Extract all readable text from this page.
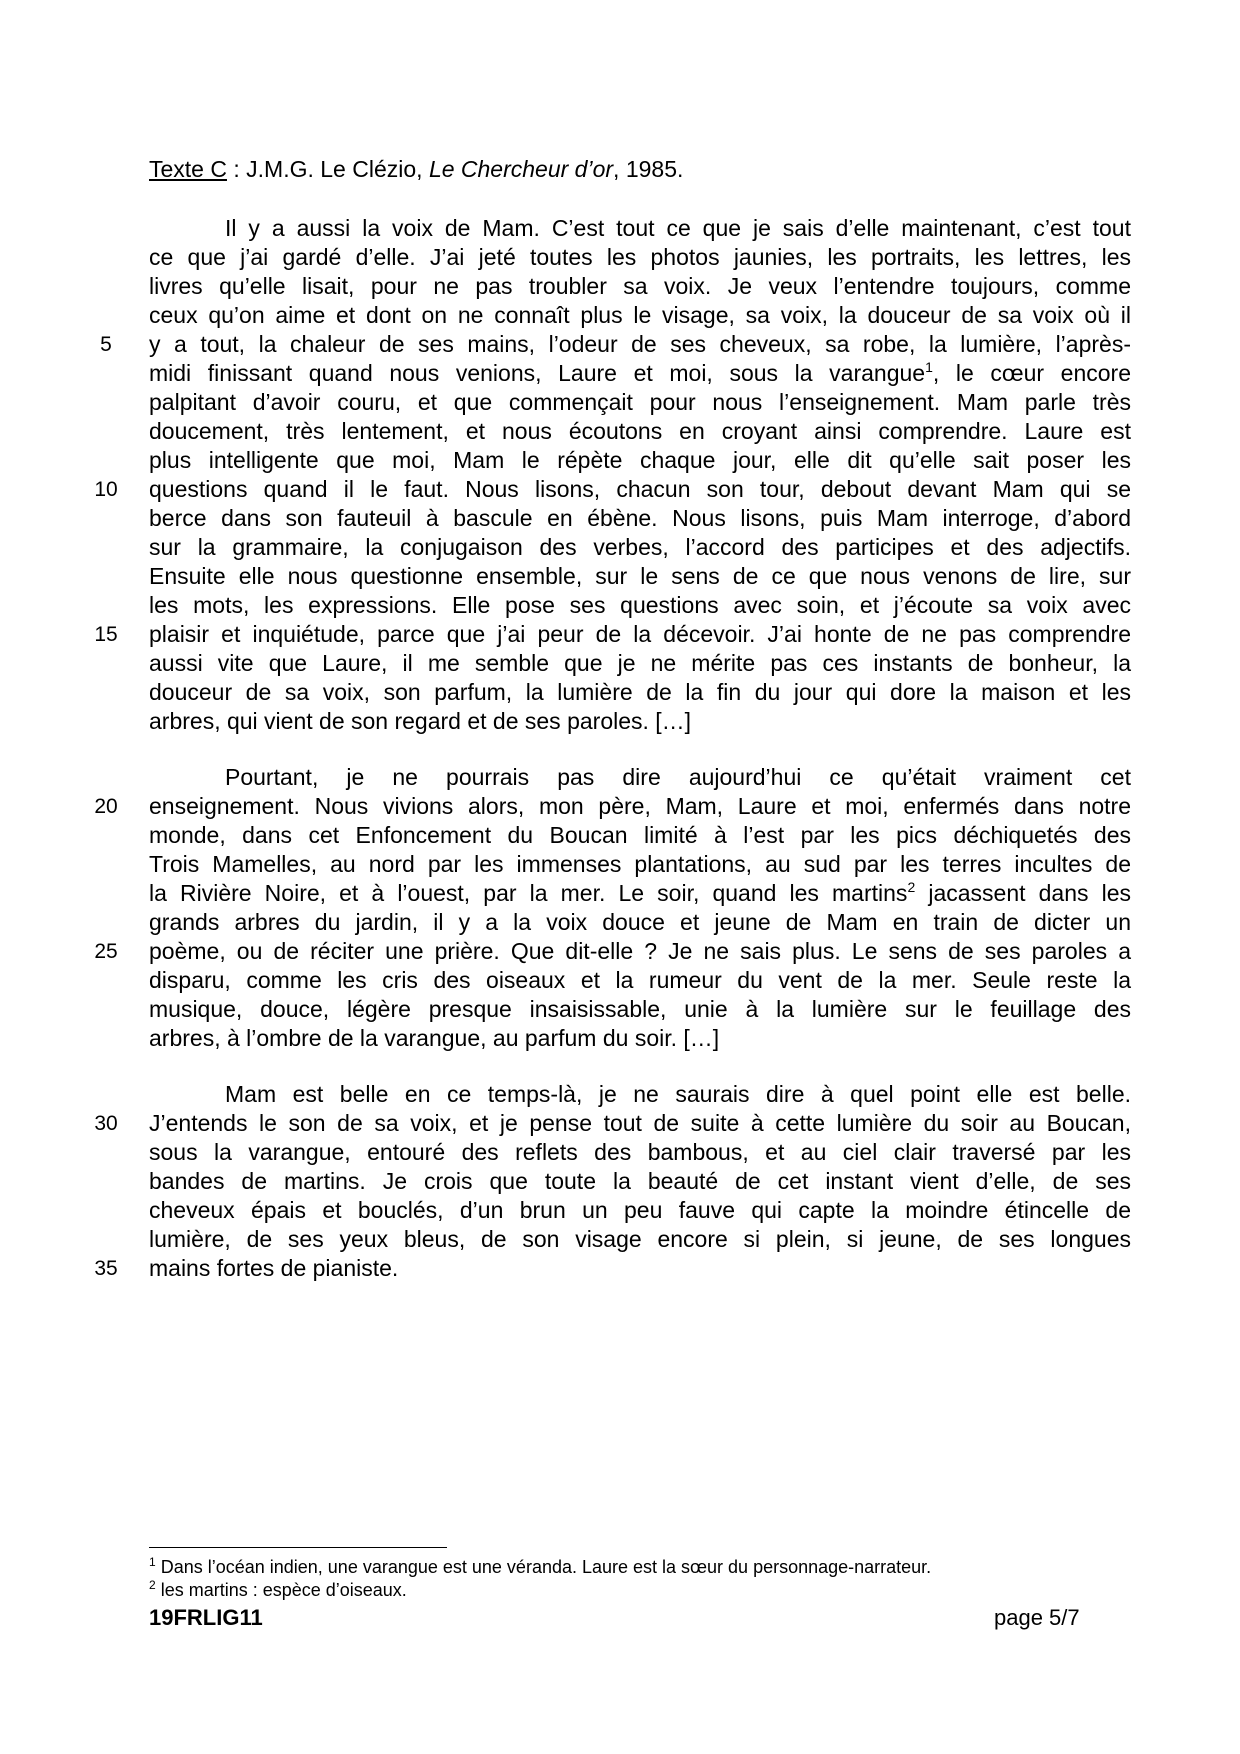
Texte C : J.M.G. Le Clézio, Le Chercheur d’or, 1985.
Il y a aussi la voix de Mam. C’est tout ce que je sais d’elle maintenant, c’est tout
ce que j’ai gardé d’elle. J’ai jeté toutes les photos jaunies, les portraits, les lettres, les
livres qu’elle lisait, pour ne pas troubler sa voix. Je veux l’entendre toujours, comme
ceux qu’on aime et dont on ne connaît plus le visage, sa voix, la douceur de sa voix où il
y a tout, la chaleur de ses mains, l’odeur de ses cheveux, sa robe, la lumière, l’après-
midi finissant quand nous venions, Laure et moi, sous la varangue$^1$, le cœur encore
palpitant d’avoir couru, et que commençait pour nous l’enseignement. Mam parle très
doucement, très lentement, et nous écoutons en croyant ainsi comprendre. Laure est
plus intelligente que moi, Mam le répète chaque jour, elle dit qu’elle sait poser les
questions quand il le faut. Nous lisons, chacun son tour, debout devant Mam qui se
berce dans son fauteuil à bascule en ébène. Nous lisons, puis Mam interroge, d’abord
sur la grammaire, la conjugaison des verbes, l’accord des participes et des adjectifs.
Ensuite elle nous questionne ensemble, sur le sens de ce que nous venons de lire, sur
les mots, les expressions. Elle pose ses questions avec soin, et j’écoute sa voix avec
plaisir et inquiétude, parce que j’ai peur de la décevoir. J’ai honte de ne pas comprendre
aussi vite que Laure, il me semble que je ne mérite pas ces instants de bonheur, la
douceur de sa voix, son parfum, la lumière de la fin du jour qui dore la maison et les
arbres, qui vient de son regard et de ses paroles. […]
Pourtant, je ne pourrais pas dire aujourd’hui ce qu’était vraiment cet
enseignement. Nous vivions alors, mon père, Mam, Laure et moi, enfermés dans notre
monde, dans cet Enfoncement du Boucan limité à l’est par les pics déchiquetés des
Trois Mamelles, au nord par les immenses plantations, au sud par les terres incultes de
la Rivière Noire, et à l’ouest, par la mer. Le soir, quand les martins$^2$ jacassent dans les
grands arbres du jardin, il y a la voix douce et jeune de Mam en train de dicter un
poème, ou de réciter une prière. Que dit-elle ? Je ne sais plus. Le sens de ses paroles a
disparu, comme les cris des oiseaux et la rumeur du vent de la mer. Seule reste la
musique, douce, légère presque insaisissable, unie à la lumière sur le feuillage des
arbres, à l’ombre de la varangue, au parfum du soir. […]
Mam est belle en ce temps-là, je ne saurais dire à quel point elle est belle.
J’entends le son de sa voix, et je pense tout de suite à cette lumière du soir au Boucan,
sous la varangue, entouré des reflets des bambous, et au ciel clair traversé par les
bandes de martins. Je crois que toute la beauté de cet instant vient d’elle, de ses
cheveux épais et bouclés, d’un brun un peu fauve qui capte la moindre étincelle de
lumière, de ses yeux bleus, de son visage encore si plein, si jeune, de ses longues
mains fortes de pianiste.
5
10
15
20
25
30
35
$^1$ Dans l’océan indien, une varangue est une véranda. Laure est la sœur du personnage-narrateur.
$^2$ les martins : espèce d’oiseaux.
19FRLIG11	page 5/7
